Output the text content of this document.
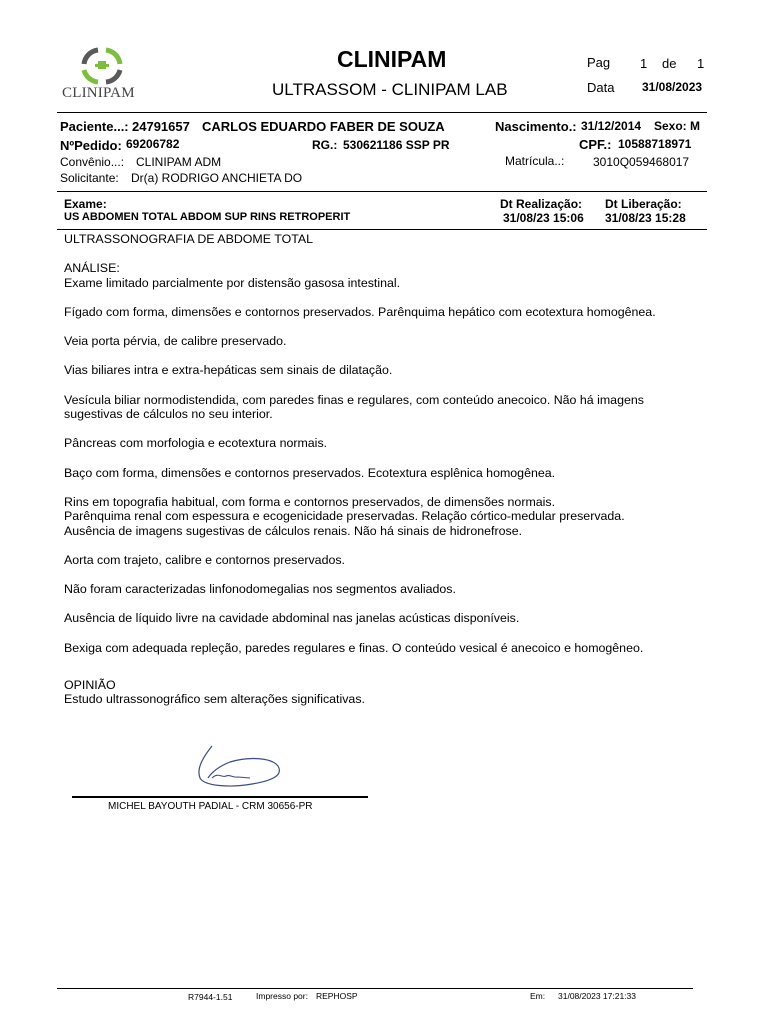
CLINIPAM
CLINIPAM
ULTRASSOM - CLINIPAM LAB
Pag 1 de 1
Data 31/08/2023
Paciente...: 24791657 CARLOS EDUARDO FABER DE SOUZA	Nascimento.: 31/12/2014 Sexo: M
NºPedido: 69206782	RG.: 530621186 SSP PR	CPF.: 10588718971
Convênio...: CLINIPAM ADM	Matrícula..: 3010Q059468017
Solicitante: Dr(a) RODRIGO ANCHIETA DO
Exame:
US ABDOMEN TOTAL ABDOM SUP RINS RETROPERIT
Dt Realização:
31/08/23 15:06
Dt Liberação:
31/08/23 15:28

ULTRASSONOGRAFIA DE ABDOME TOTAL

ANÁLISE:
Exame limitado parcialmente por distensão gasosa intestinal.

Fígado com forma, dimensões e contornos preservados. Parênquima hepático com ecotextura homogênea.

Veia porta pérvia, de calibre preservado.

Vias biliares intra e extra-hepáticas sem sinais de dilatação.

Vesícula biliar normodistendida, com paredes finas e regulares, com conteúdo anecoico. Não há imagens
sugestivas de cálculos no seu interior.

Pâncreas com morfologia e ecotextura normais.

Baço com forma, dimensões e contornos preservados. Ecotextura esplênica homogênea.

Rins em topografia habitual, com forma e contornos preservados, de dimensões normais.
Parênquima renal com espessura e ecogenicidade preservadas. Relação córtico-medular preservada.
Ausência de imagens sugestivas de cálculos renais. Não há sinais de hidronefrose.

Aorta com trajeto, calibre e contornos preservados.

Não foram caracterizadas linfonodomegalias nos segmentos avaliados.

Ausência de líquido livre na cavidade abdominal nas janelas acústicas disponíveis.

Bexiga com adequada repleção, paredes regulares e finas. O conteúdo vesical é anecoico e homogêneo.

OPINIÃO
Estudo ultrassonográfico sem alterações significativas.

MICHEL BAYOUTH PADIAL - CRM 30656-PR
R7944-1.51	Impresso por: REPHOSP	Em: 31/08/2023 17:21:33
